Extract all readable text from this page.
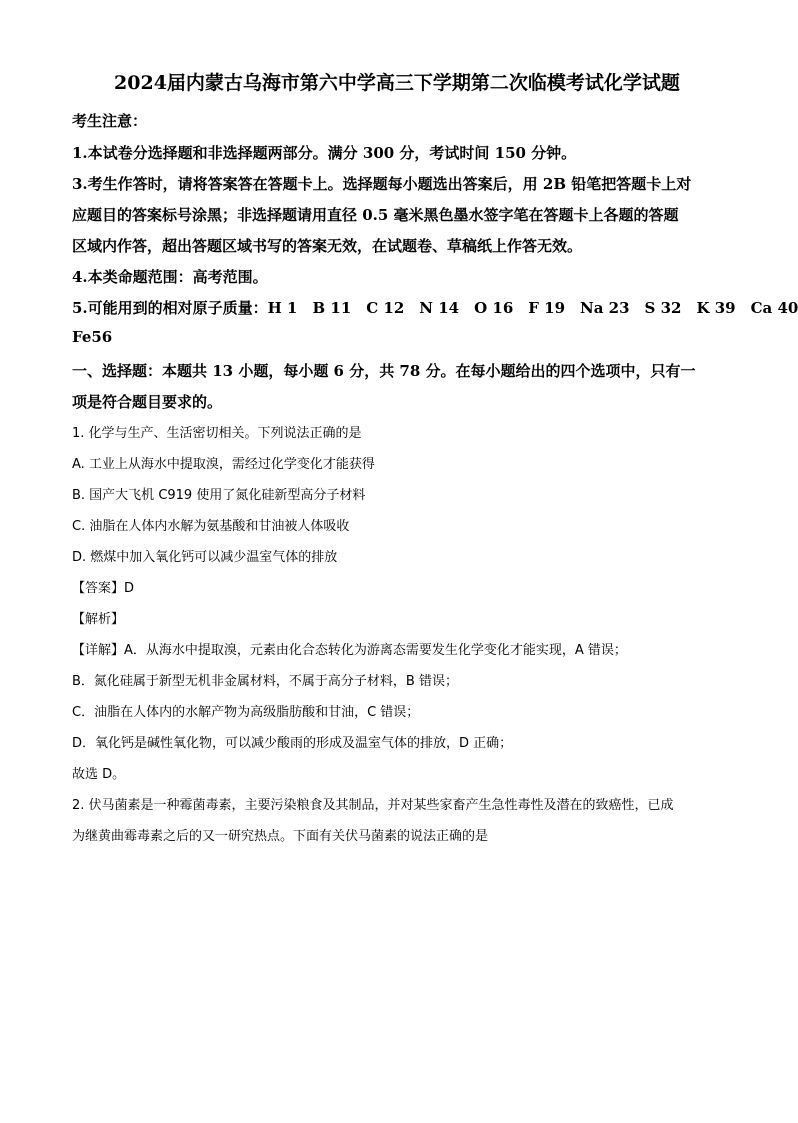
2024届内蒙古乌海市第六中学高三下学期第二次临模考试化学试题
考生注意：
1.本试卷分选择题和非选择题两部分。满分 300 分，考试时间 150 分钟。
3.考生作答时，请将答案答在答题卡上。选择题每小题选出答案后，用 2B 铅笔把答题卡上对
应题目的答案标号涂黑；非选择题请用直径 0.5 毫米黑色墨水签字笔在答题卡上各题的答题
区域内作答，超出答题区域书写的答案无效，在试题卷、草稿纸上作答无效。
4.本类命题范围：高考范围。
5.可能用到的相对原子质量：H 1　B 11　C 12　N 14　O 16　F 19　Na 23　S 32　K 39　Ca 40
Fe56
一、选择题：本题共 13 小题，每小题 6 分，共 78 分。在每小题给出的四个选项中，只有一
项是符合题目要求的。
1. 化学与生产、生活密切相关。下列说法正确的是
A. 工业上从海水中提取溴，需经过化学变化才能获得
B. 国产大飞机 C919 使用了氮化硅新型高分子材料
C. 油脂在人体内水解为氨基酸和甘油被人体吸收
D. 燃煤中加入氧化钙可以减少温室气体的排放
【答案】D
【解析】
【详解】A．从海水中提取溴，元素由化合态转化为游离态需要发生化学变化才能实现，A 错误；
B．氮化硅属于新型无机非金属材料，不属于高分子材料，B 错误；
C．油脂在人体内的水解产物为高级脂肪酸和甘油，C 错误；
D．氧化钙是碱性氧化物，可以减少酸雨的形成及温室气体的排放，D 正确；
故选 D。
2. 伏马菌素是一种霉菌毒素，主要污染粮食及其制品，并对某些家畜产生急性毒性及潜在的致癌性，已成
为继黄曲霉毒素之后的又一研究热点。下面有关伏马菌素的说法正确的是
